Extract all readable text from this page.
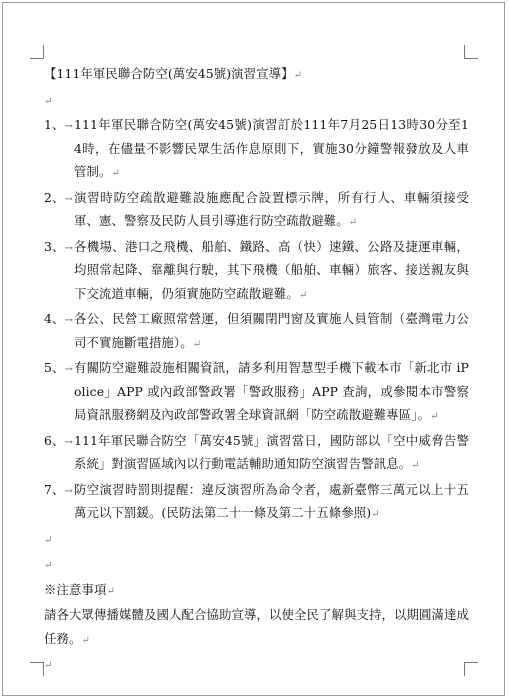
【111年軍民聯合防空(萬安45號)演習宣導】↵
↵
1、→ 111年軍民聯合防空(萬安45號)演習訂於111年7月25日13時30分至14時，在儘量不影響民眾生活作息原則下，實施30分鐘警報發放及人車管制。↵
2、→ 演習時防空疏散避難設施應配合設置標示牌，所有行人、車輛須接受軍、憲、警察及民防人員引導進行防空疏散避難。↵
3、→ 各機場、港口之飛機、船舶、鐵路、高（快）速鐵、公路及捷運車輛，均照常起降、靠離與行駛，其下飛機（船舶、車輛）旅客、接送親友與下交流道車輛，仍須實施防空疏散避難。↵
4、→ 各公、民營工廠照常營運，但須關閉門窗及實施人員管制（臺灣電力公司不實施斷電措施）。↵
5、→ 有關防空避難設施相關資訊，請多利用智慧型手機下載本市「新北市 iPolice」APP 或內政部警政署「警政服務」APP 查詢，或參閱本市警察局資訊服務網及內政部警政署全球資訊網「防空疏散避難專區」。↵
6、→ 111年軍民聯合防空「萬安45號」演習當日，國防部以「空中威脅告警系統」對演習區域內以行動電話輔助通知防空演習告警訊息。↵
7、→ 防空演習時罰則提醒：違反演習所為命令者，處新臺幣三萬元以上十五萬元以下罰鍰。(民防法第二十一條及第二十五條參照)↵
↵
↵
※注意事項↵
請各大眾傳播媒體及國人配合協助宣導，以使全民了解與支持，以期圓滿達成任務。↵
↵
